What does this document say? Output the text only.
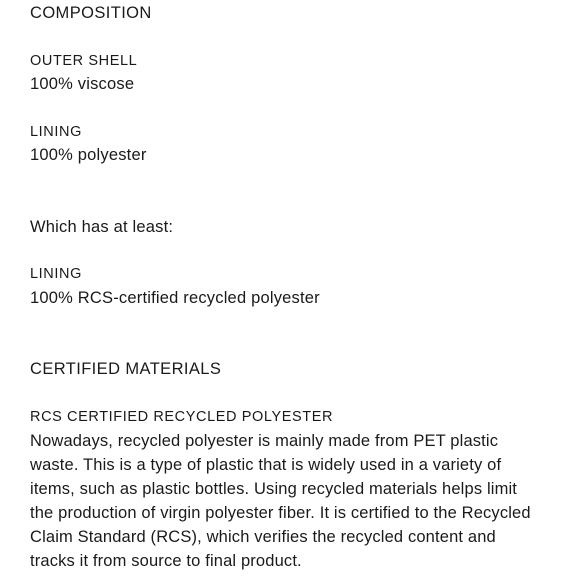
COMPOSITION
OUTER SHELL
100% viscose
LINING
100% polyester
Which has at least:
LINING
100% RCS-certified recycled polyester
CERTIFIED MATERIALS
RCS CERTIFIED RECYCLED POLYESTER
Nowadays, recycled polyester is mainly made from PET plastic
waste. This is a type of plastic that is widely used in a variety of
items, such as plastic bottles. Using recycled materials helps limit
the production of virgin polyester fiber. It is certified to the Recycled
Claim Standard (RCS), which verifies the recycled content and
tracks it from source to final product.
